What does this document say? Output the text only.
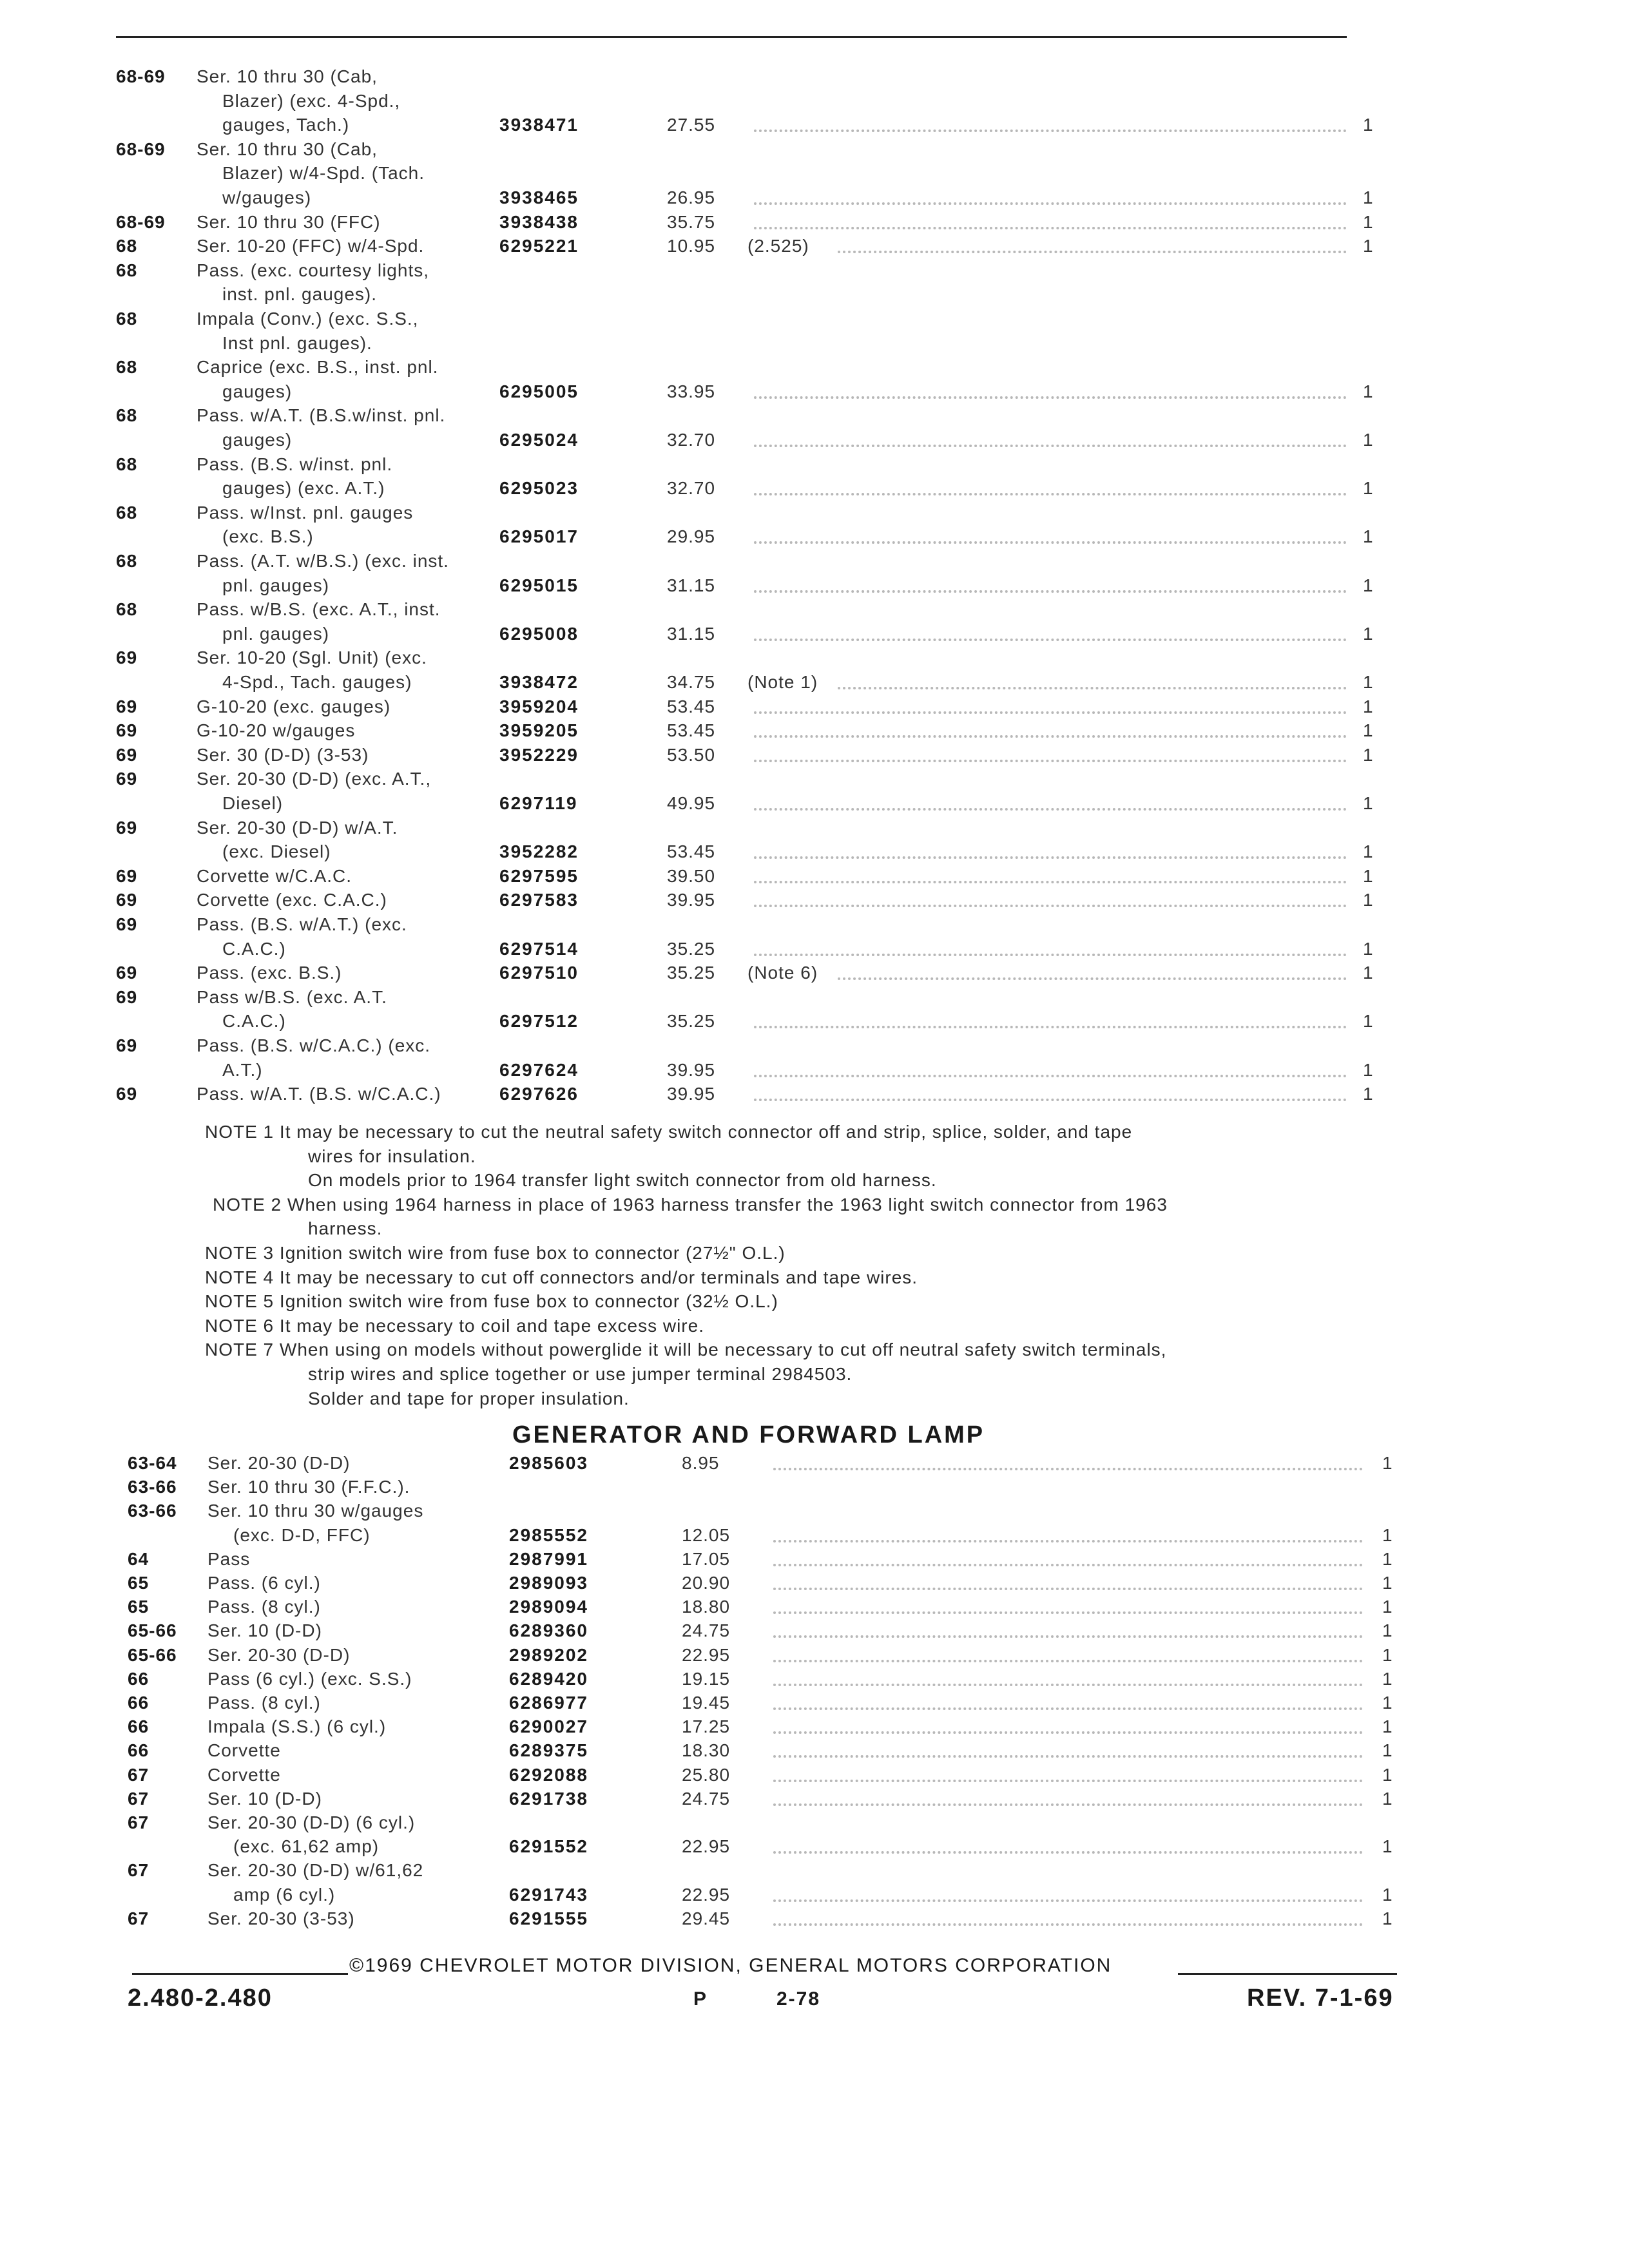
68-69 Ser. 10 thru 30 (Cab,
Blazer) (exc. 4-Spd.,
gauges, Tach.)	3938471	27.55	1
68-69 Ser. 10 thru 30 (Cab,
Blazer) w/4-Spd. (Tach.
w/gauges)	3938465	26.95	1
68-69 Ser. 10 thru 30 (FFC)	3938438	35.75	1
68	Ser. 10-20 (FFC) w/4-Spd.	6295221	10.95 (2.525)	1
68	Pass. (exc. courtesy lights,
inst. pnl. gauges).
68	Impala (Conv.) (exc. S.S.,
Inst pnl. gauges).
68	Caprice (exc. B.S., inst. pnl.
gauges)	6295005	33.95	1
68	Pass. w/A.T. (B.S.w/inst. pnl.
gauges)	6295024	32.70	1
68	Pass. (B.S. w/inst. pnl.
gauges) (exc. A.T.)	6295023	32.70	1
68	Pass. w/Inst. pnl. gauges
(exc. B.S.)	6295017	29.95	1
68	Pass. (A.T. w/B.S.) (exc. inst.
pnl. gauges)	6295015	31.15	1
68	Pass. w/B.S. (exc. A.T., inst.
pnl. gauges)	6295008	31.15	1
69	Ser. 10-20 (Sgl. Unit) (exc.
4-Spd., Tach. gauges)	3938472	34.75 (Note 1)	1
69	G-10-20 (exc. gauges)	3959204	53.45	1
69	G-10-20 w/gauges	3959205	53.45	1
69	Ser. 30 (D-D) (3-53)	3952229	53.50	1
69	Ser. 20-30 (D-D) (exc. A.T.,
Diesel)	6297119	49.95	1
69	Ser. 20-30 (D-D) w/A.T.
(exc. Diesel)	3952282	53.45	1
69	Corvette w/C.A.C.	6297595	39.50	1
69	Corvette (exc. C.A.C.)	6297583	39.95	1
69	Pass. (B.S. w/A.T.) (exc.
C.A.C.)	6297514	35.25	1
69	Pass. (exc. B.S.)	6297510	35.25 (Note 6)	1
69	Pass w/B.S. (exc. A.T.
C.A.C.)	6297512	35.25	1
69	Pass. (B.S. w/C.A.C.) (exc.
A.T.)	6297624	39.95	1
69	Pass. w/A.T. (B.S. w/C.A.C.)	6297626	39.95	1
NOTE 1 It may be necessary to cut the neutral safety switch connector off and strip, splice, solder, and tape
wires for insulation.
On models prior to 1964 transfer light switch connector from old harness.
NOTE 2 When using 1964 harness in place of 1963 harness transfer the 1963 light switch connector from 1963
harness.
NOTE 3 Ignition switch wire from fuse box to connector (27½" O.L.)
NOTE 4 It may be necessary to cut off connectors and/or terminals and tape wires.
NOTE 5 Ignition switch wire from fuse box to connector (32½ O.L.)
NOTE 6 It may be necessary to coil and tape excess wire.
NOTE 7 When using on models without powerglide it will be necessary to cut off neutral safety switch terminals,
strip wires and splice together or use jumper terminal 2984503.
Solder and tape for proper insulation.
GENERATOR AND FORWARD LAMP
63-64 Ser. 20-30 (D-D)	2985603	8.95	1
63-66 Ser. 10 thru 30 (F.F.C.).
63-66 Ser. 10 thru 30 w/gauges
(exc. D-D, FFC)	2985552	12.05	1
64	Pass	2987991	17.05	1
65	Pass. (6 cyl.)	2989093	20.90	1
65	Pass. (8 cyl.)	2989094	18.80	1
65-66 Ser. 10 (D-D)	6289360	24.75	1
65-66 Ser. 20-30 (D-D)	2989202	22.95	1
66	Pass (6 cyl.) (exc. S.S.)	6289420	19.15	1
66	Pass. (8 cyl.)	6286977	19.45	1
66	Impala (S.S.) (6 cyl.)	6290027	17.25	1
66	Corvette	6289375	18.30	1
67	Corvette	6292088	25.80	1
67	Ser. 10 (D-D)	6291738	24.75	1
67	Ser. 20-30 (D-D) (6 cyl.)
(exc. 61,62 amp)	6291552	22.95	1
67	Ser. 20-30 (D-D) w/61,62
amp (6 cyl.)	6291743	22.95	1
67	Ser. 20-30 (3-53)	6291555	29.45	1
©1969 CHEVROLET MOTOR DIVISION, GENERAL MOTORS CORPORATION
2.480-2.480	P	2-78	REV. 7-1-69
